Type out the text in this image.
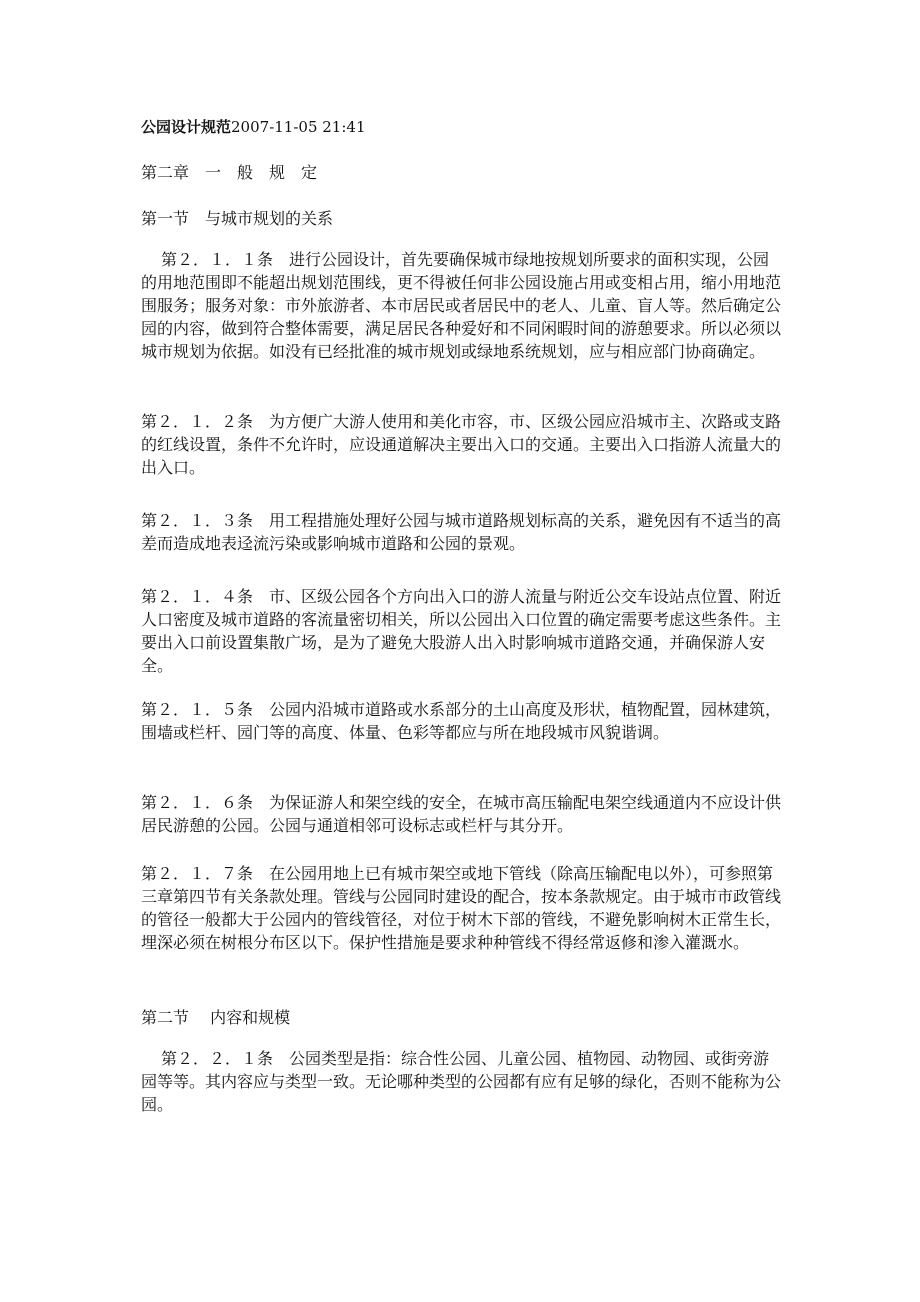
公园设计规范2007-11-05 21:41
第二章　一　般　规　定
第一节　与城市规划的关系
第２．１．１条 进行公园设计，首先要确保城市绿地按规划所要求的面积实现，公园的用地范围即不能超出规划范围线，更不得被任何非公园设施占用或变相占用，缩小用地范围服务；服务对象：市外旅游者、本市居民或者居民中的老人、儿童、盲人等。然后确定公园的内容，做到符合整体需要，满足居民各种爱好和不同闲暇时间的游憩要求。所以必须以城市规划为依据。如没有已经批准的城市规划或绿地系统规划，应与相应部门协商确定。
第２．１．２条 为方便广大游人使用和美化市容，市、区级公园应沿城市主、次路或支路的红线设置，条件不允许时，应设通道解决主要出入口的交通。主要出入口指游人流量大的出入口。
第２．１．３条 用工程措施处理好公园与城市道路规划标高的关系，避免因有不适当的高差而造成地表迳流污染或影响城市道路和公园的景观。
第２．１．４条 市、区级公园各个方向出入口的游人流量与附近公交车设站点位置、附近人口密度及城市道路的客流量密切相关，所以公园出入口位置的确定需要考虑这些条件。主要出入口前设置集散广场，是为了避免大股游人出入时影响城市道路交通，并确保游人安全。
第２．１．５条 公园内沿城市道路或水系部分的土山高度及形状，植物配置，园林建筑，围墙或栏杆、园门等的高度、体量、色彩等都应与所在地段城市风貌谐调。
第２．１．６条 为保证游人和架空线的安全，在城市高压输配电架空线通道内不应设计供居民游憩的公园。公园与通道相邻可设标志或栏杆与其分开。
第２．１．７条 在公园用地上已有城市架空或地下管线（除高压输配电以外），可参照第三章第四节有关条款处理。管线与公园同时建设的配合，按本条款规定。由于城市市政管线的管径一般都大于公园内的管线管径，对位于树木下部的管线，不避免影响树木正常生长，埋深必须在树根分布区以下。保护性措施是要求种种管线不得经常返修和渗入灌溉水。
第二节　 内容和规模
第２．２．１条 公园类型是指：综合性公园、儿童公园、植物园、动物园、或街旁游园等等。其内容应与类型一致。无论哪种类型的公园都有应有足够的绿化，否则不能称为公园。
